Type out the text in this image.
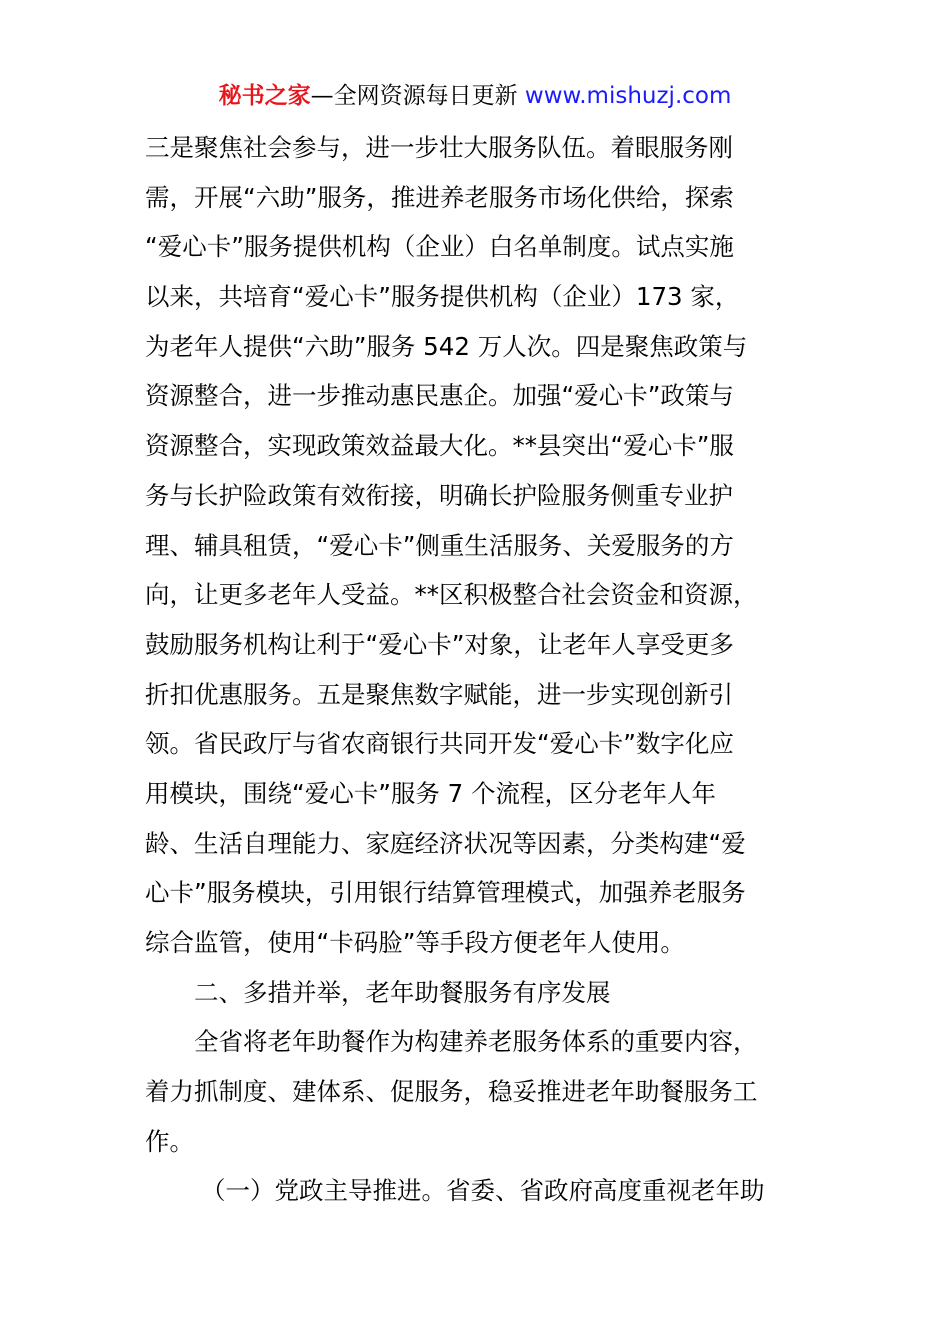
秘书之家—全网资源每日更新 www.mishuzj.com
三是聚焦社会参与，进一步壮大服务队伍。着眼服务刚
需，开展“六助”服务，推进养老服务市场化供给，探索
“爱心卡”服务提供机构（企业）白名单制度。试点实施
以来，共培育“爱心卡”服务提供机构（企业）173 家，
为老年人提供“六助”服务 542 万人次。四是聚焦政策与
资源整合，进一步推动惠民惠企。加强“爱心卡”政策与
资源整合，实现政策效益最大化。**县突出“爱心卡”服
务与长护险政策有效衔接，明确长护险服务侧重专业护
理、辅具租赁，“爱心卡”侧重生活服务、关爱服务的方
向，让更多老年人受益。**区积极整合社会资金和资源，
鼓励服务机构让利于“爱心卡”对象，让老年人享受更多
折扣优惠服务。五是聚焦数字赋能，进一步实现创新引
领。省民政厅与省农商银行共同开发“爱心卡”数字化应
用模块，围绕“爱心卡”服务 7 个流程，区分老年人年
龄、生活自理能力、家庭经济状况等因素，分类构建“爱
心卡”服务模块，引用银行结算管理模式，加强养老服务
综合监管，使用“卡码脸”等手段方便老年人使用。
二、多措并举，老年助餐服务有序发展
全省将老年助餐作为构建养老服务体系的重要内容，
着力抓制度、建体系、促服务，稳妥推进老年助餐服务工
作。
（一）党政主导推进。省委、省政府高度重视老年助
